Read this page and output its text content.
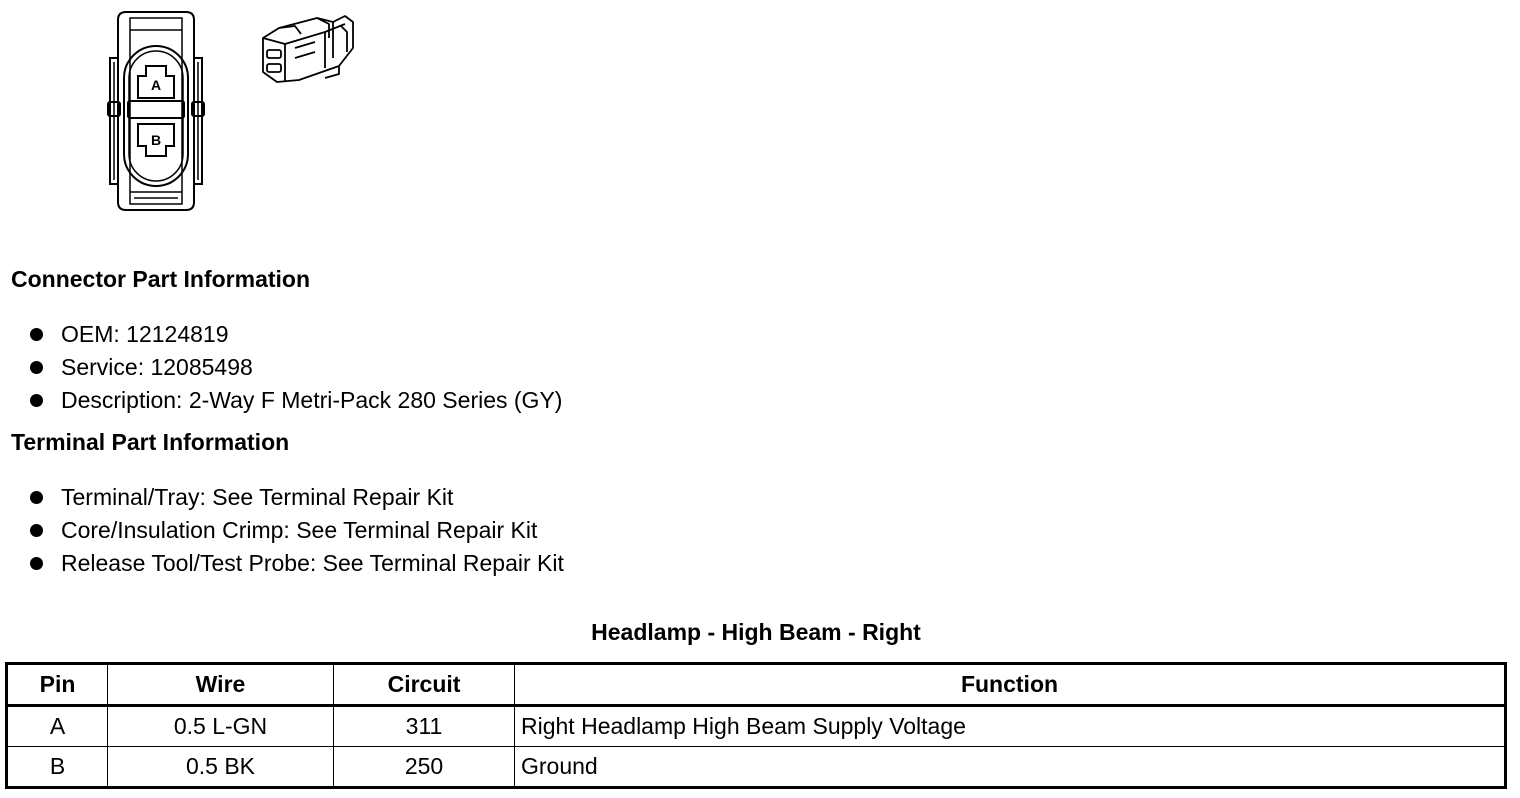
A
B
Connector Part Information
OEM: 12124819
Service: 12085498
Description: 2-Way F Metri-Pack 280 Series (GY)
Terminal Part Information
Terminal/Tray: See Terminal Repair Kit
Core/Insulation Crimp: See Terminal Repair Kit
Release Tool/Test Probe: See Terminal Repair Kit
Headlamp - High Beam - Right
Pin	Wire	Circuit	Function
A	0.5 L-GN	311	Right Headlamp High Beam Supply Voltage
B	0.5 BK	250	Ground
